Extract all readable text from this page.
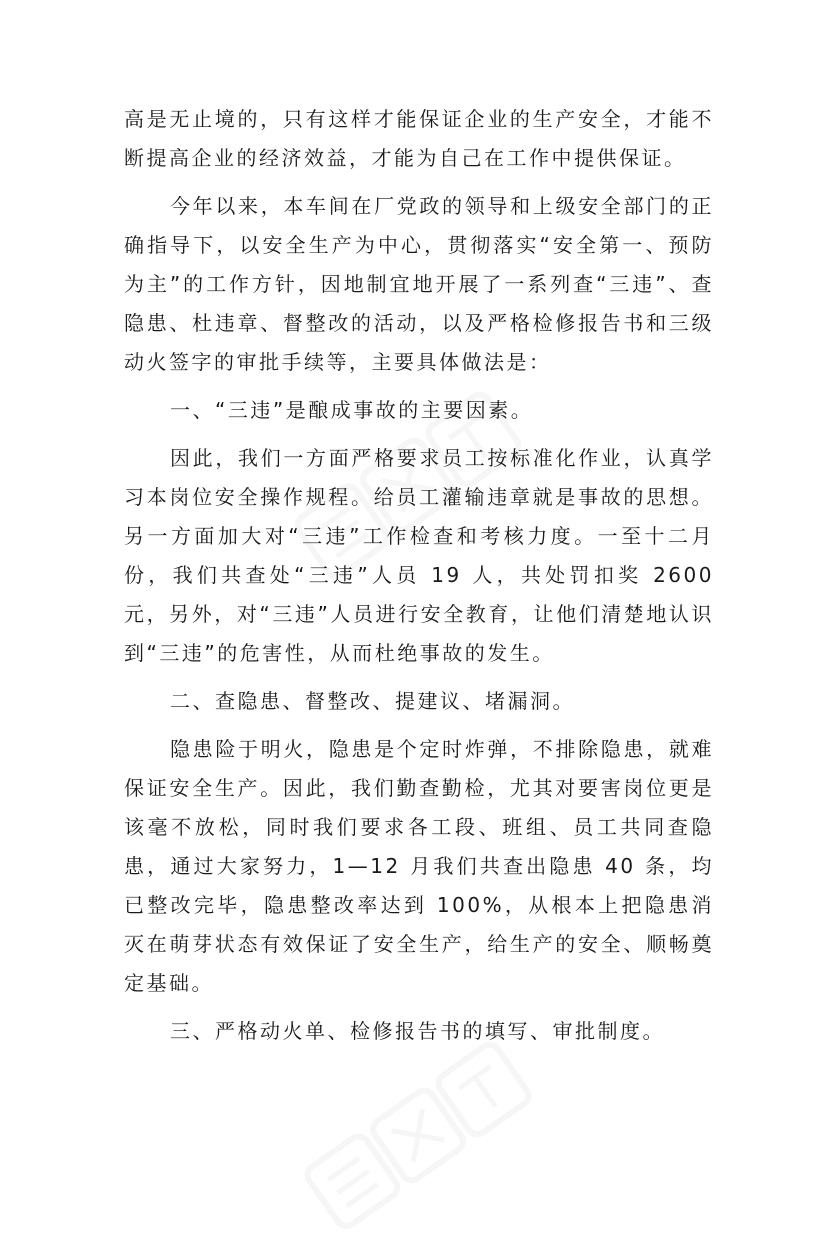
高是无止境的，只有这样才能保证企业的生产安全，才能不断提高企业的经济效益，才能为自己在工作中提供保证。

今年以来，本车间在厂党政的领导和上级安全部门的正确指导下，以安全生产为中心，贯彻落实“安全第一、预防为主”的工作方针，因地制宜地开展了一系列查“三违”、查隐患、杜违章、督整改的活动，以及严格检修报告书和三级动火签字的审批手续等，主要具体做法是：

一、“三违”是酿成事故的主要因素。

因此，我们一方面严格要求员工按标准化作业，认真学习本岗位安全操作规程。给员工灌输违章就是事故的思想。另一方面加大对“三违”工作检查和考核力度。一至十二月份，我们共查处“三违”人员 19 人，共处罚扣奖 2600 元，另外，对“三违”人员进行安全教育，让他们清楚地认识到“三违”的危害性，从而杜绝事故的发生。

二、查隐患、督整改、提建议、堵漏洞。

隐患险于明火，隐患是个定时炸弹，不排除隐患，就难保证安全生产。因此，我们勤查勤检，尤其对要害岗位更是该毫不放松，同时我们要求各工段、班组、员工共同查隐患，通过大家努力，1—12 月我们共查出隐患 40 条，均已整改完毕，隐患整改率达到 100%，从根本上把隐患消灭在萌芽状态有效保证了安全生产，给生产的安全、顺畅奠定基础。

三、严格动火单、检修报告书的填写、审批制度。
